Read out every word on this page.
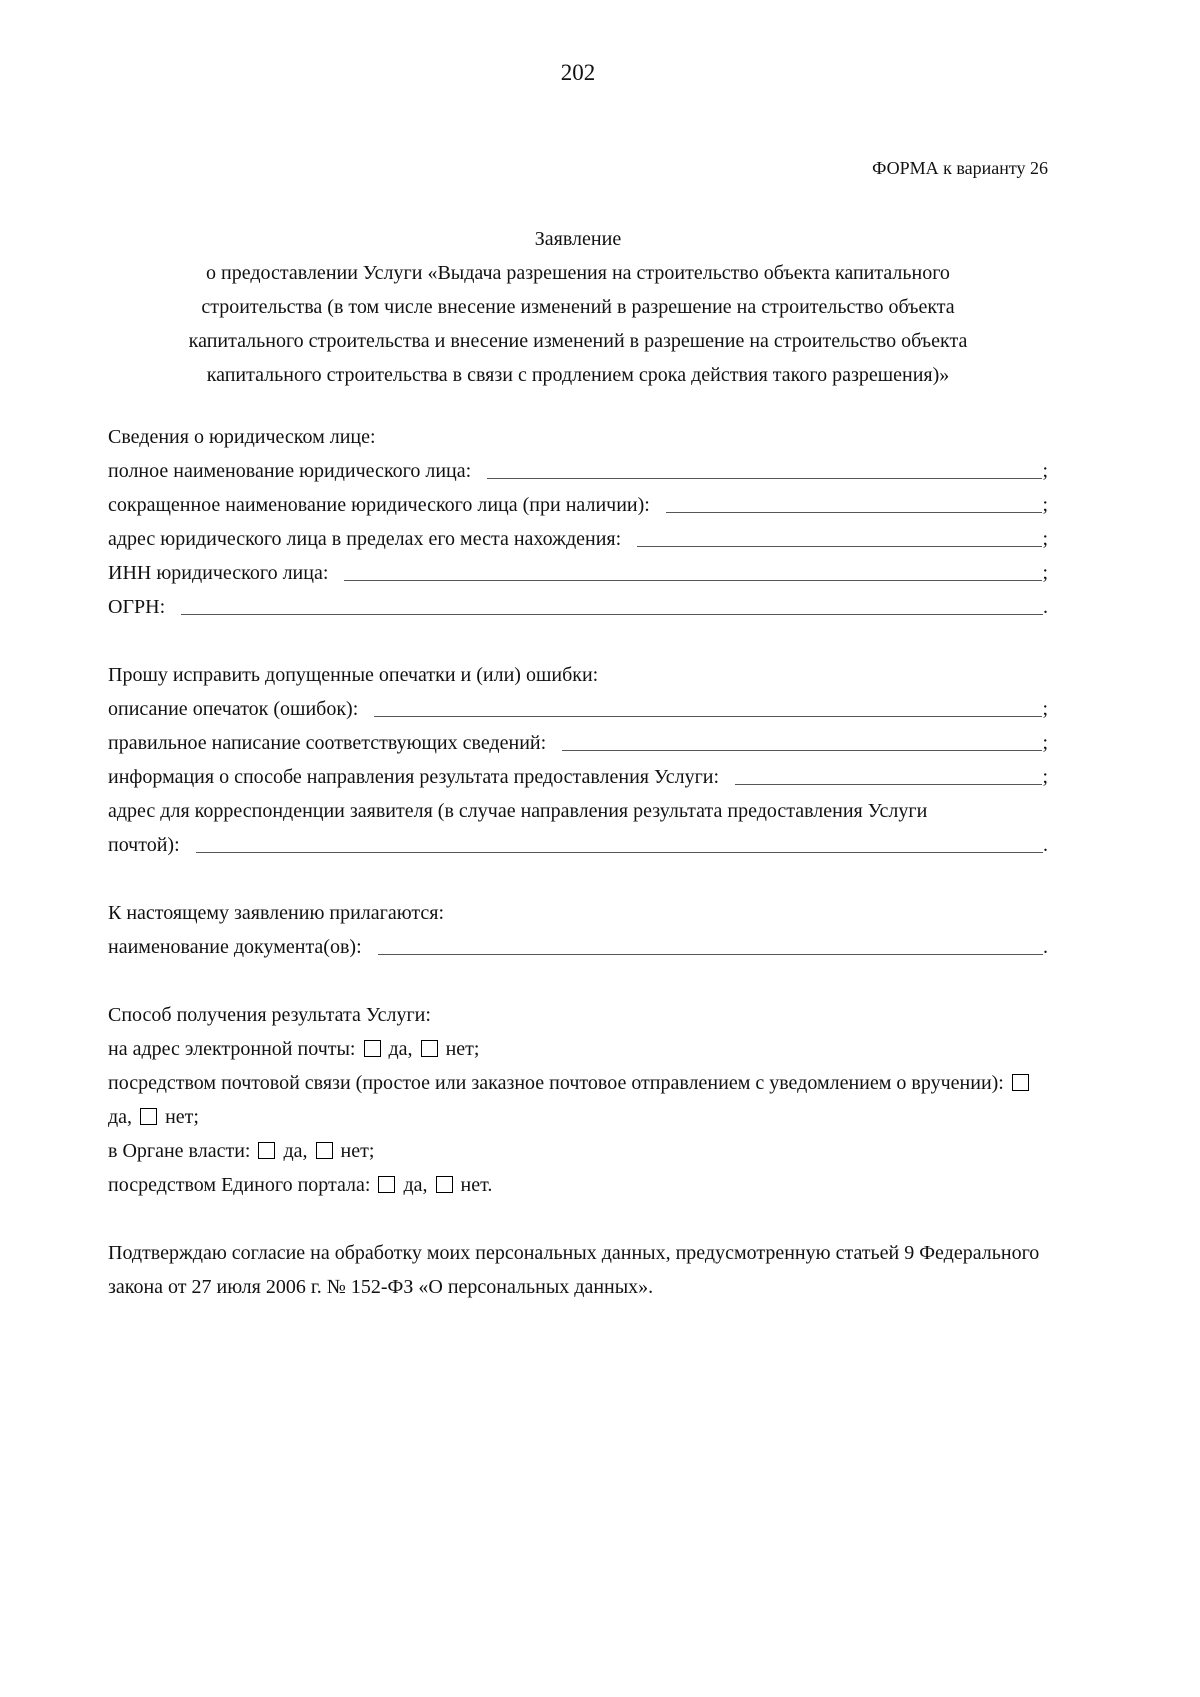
202
ФОРМА к варианту 26
Заявление
о предоставлении Услуги «Выдача разрешения на строительство объекта капитального
строительства (в том числе внесение изменений в разрешение на строительство объекта
капитального строительства и внесение изменений в разрешение на строительство объекта
капитального строительства в связи с продлением срока действия такого разрешения)»
Сведения о юридическом лице:
полное наименование юридического лица:	;
сокращенное наименование юридического лица (при наличии):	;
адрес юридического лица в пределах его места нахождения:	;
ИНН юридического лица:	;
ОГРН:	.
Прошу исправить допущенные опечатки и (или) ошибки:
описание опечаток (ошибок):	;
правильное написание соответствующих сведений:	;
информация о способе направления результата предоставления Услуги:	;
адрес для корреспонденции заявителя (в случае направления результата предоставления Услуги
почтой):	.
К настоящему заявлению прилагаются:
наименование документа(ов):	.
Способ получения результата Услуги:
на адрес электронной почты: да, нет;
посредством почтовой связи (простое или заказное почтовое отправлением с уведомлением о вручении):да, нет;
в Органе власти: да, нет;
посредством Единого портала: да, нет.
Подтверждаю согласие на обработку моих персональных данных, предусмотренную статьей 9 Федерального закона от 27 июля 2006 г. № 152-ФЗ «О персональных данных».
